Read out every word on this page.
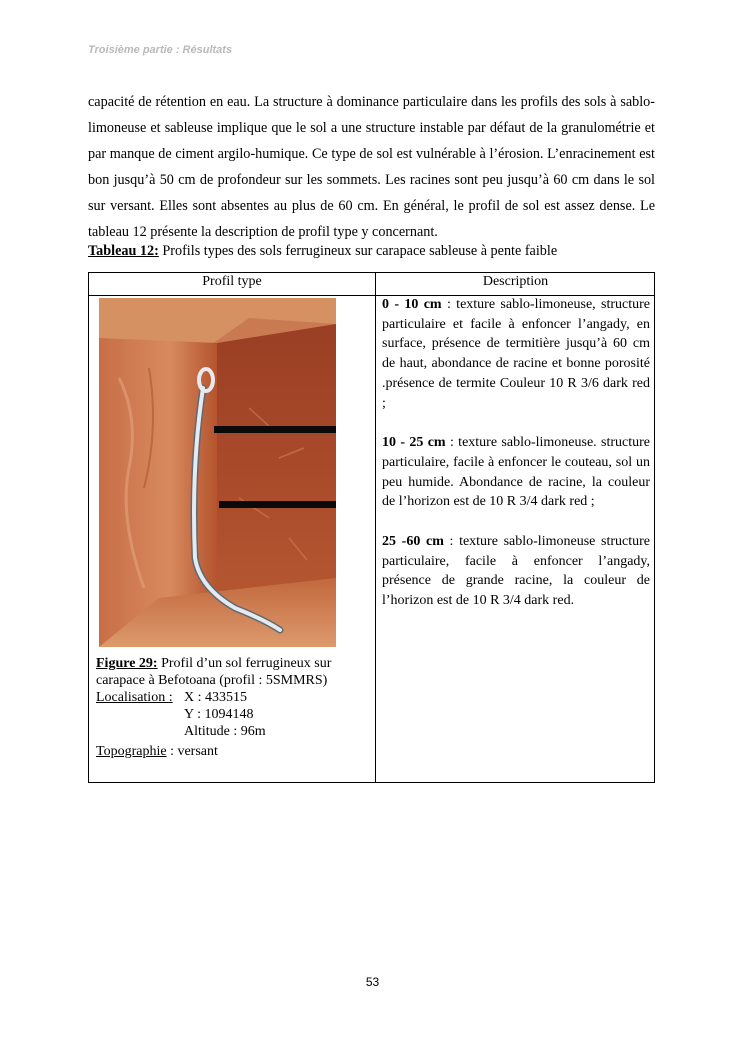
Troisième partie : Résultats
capacité de rétention en eau. La structure à dominance particulaire dans les profils des sols à sablo-limoneuse et sableuse implique que le sol a une structure instable par défaut de la granulométrie et par manque de ciment argilo-humique. Ce type de sol est vulnérable à l’érosion. L’enracinement est bon jusqu’à 50 cm de profondeur sur les sommets. Les racines sont peu jusqu’à 60 cm dans le sol sur versant. Elles sont absentes au plus de 60 cm. En général, le profil de sol est assez dense. Le tableau 12 présente la description de profil type y concernant.
Tableau 12: Profils types des sols ferrugineux sur carapace sableuse à pente faible
Profil type	Description
Figure 29: Profil d’un sol ferrugineux sur carapace à Befotoana (profil : 5SMMRS)
Localisation : X : 433515
Y : 1094148
Altitude : 96m
Topographie : versant

0 - 10 cm : texture sablo-limoneuse, structure particulaire et facile à enfoncer l’angady, en surface, présence de termitière jusqu’à 60 cm de haut, abondance de racine et bonne porosité .présence de termite Couleur 10 R 3/6 dark red ;

10 - 25 cm : texture sablo-limoneuse. structure particulaire, facile à enfoncer le couteau, sol un peu humide. Abondance de racine, la couleur de l’horizon est de 10 R 3/4 dark red ;

25 -60 cm : texture sablo-limoneuse structure particulaire, facile à enfoncer l’angady, présence de grande racine, la couleur de l’horizon est de 10 R 3/4 dark red.

53
